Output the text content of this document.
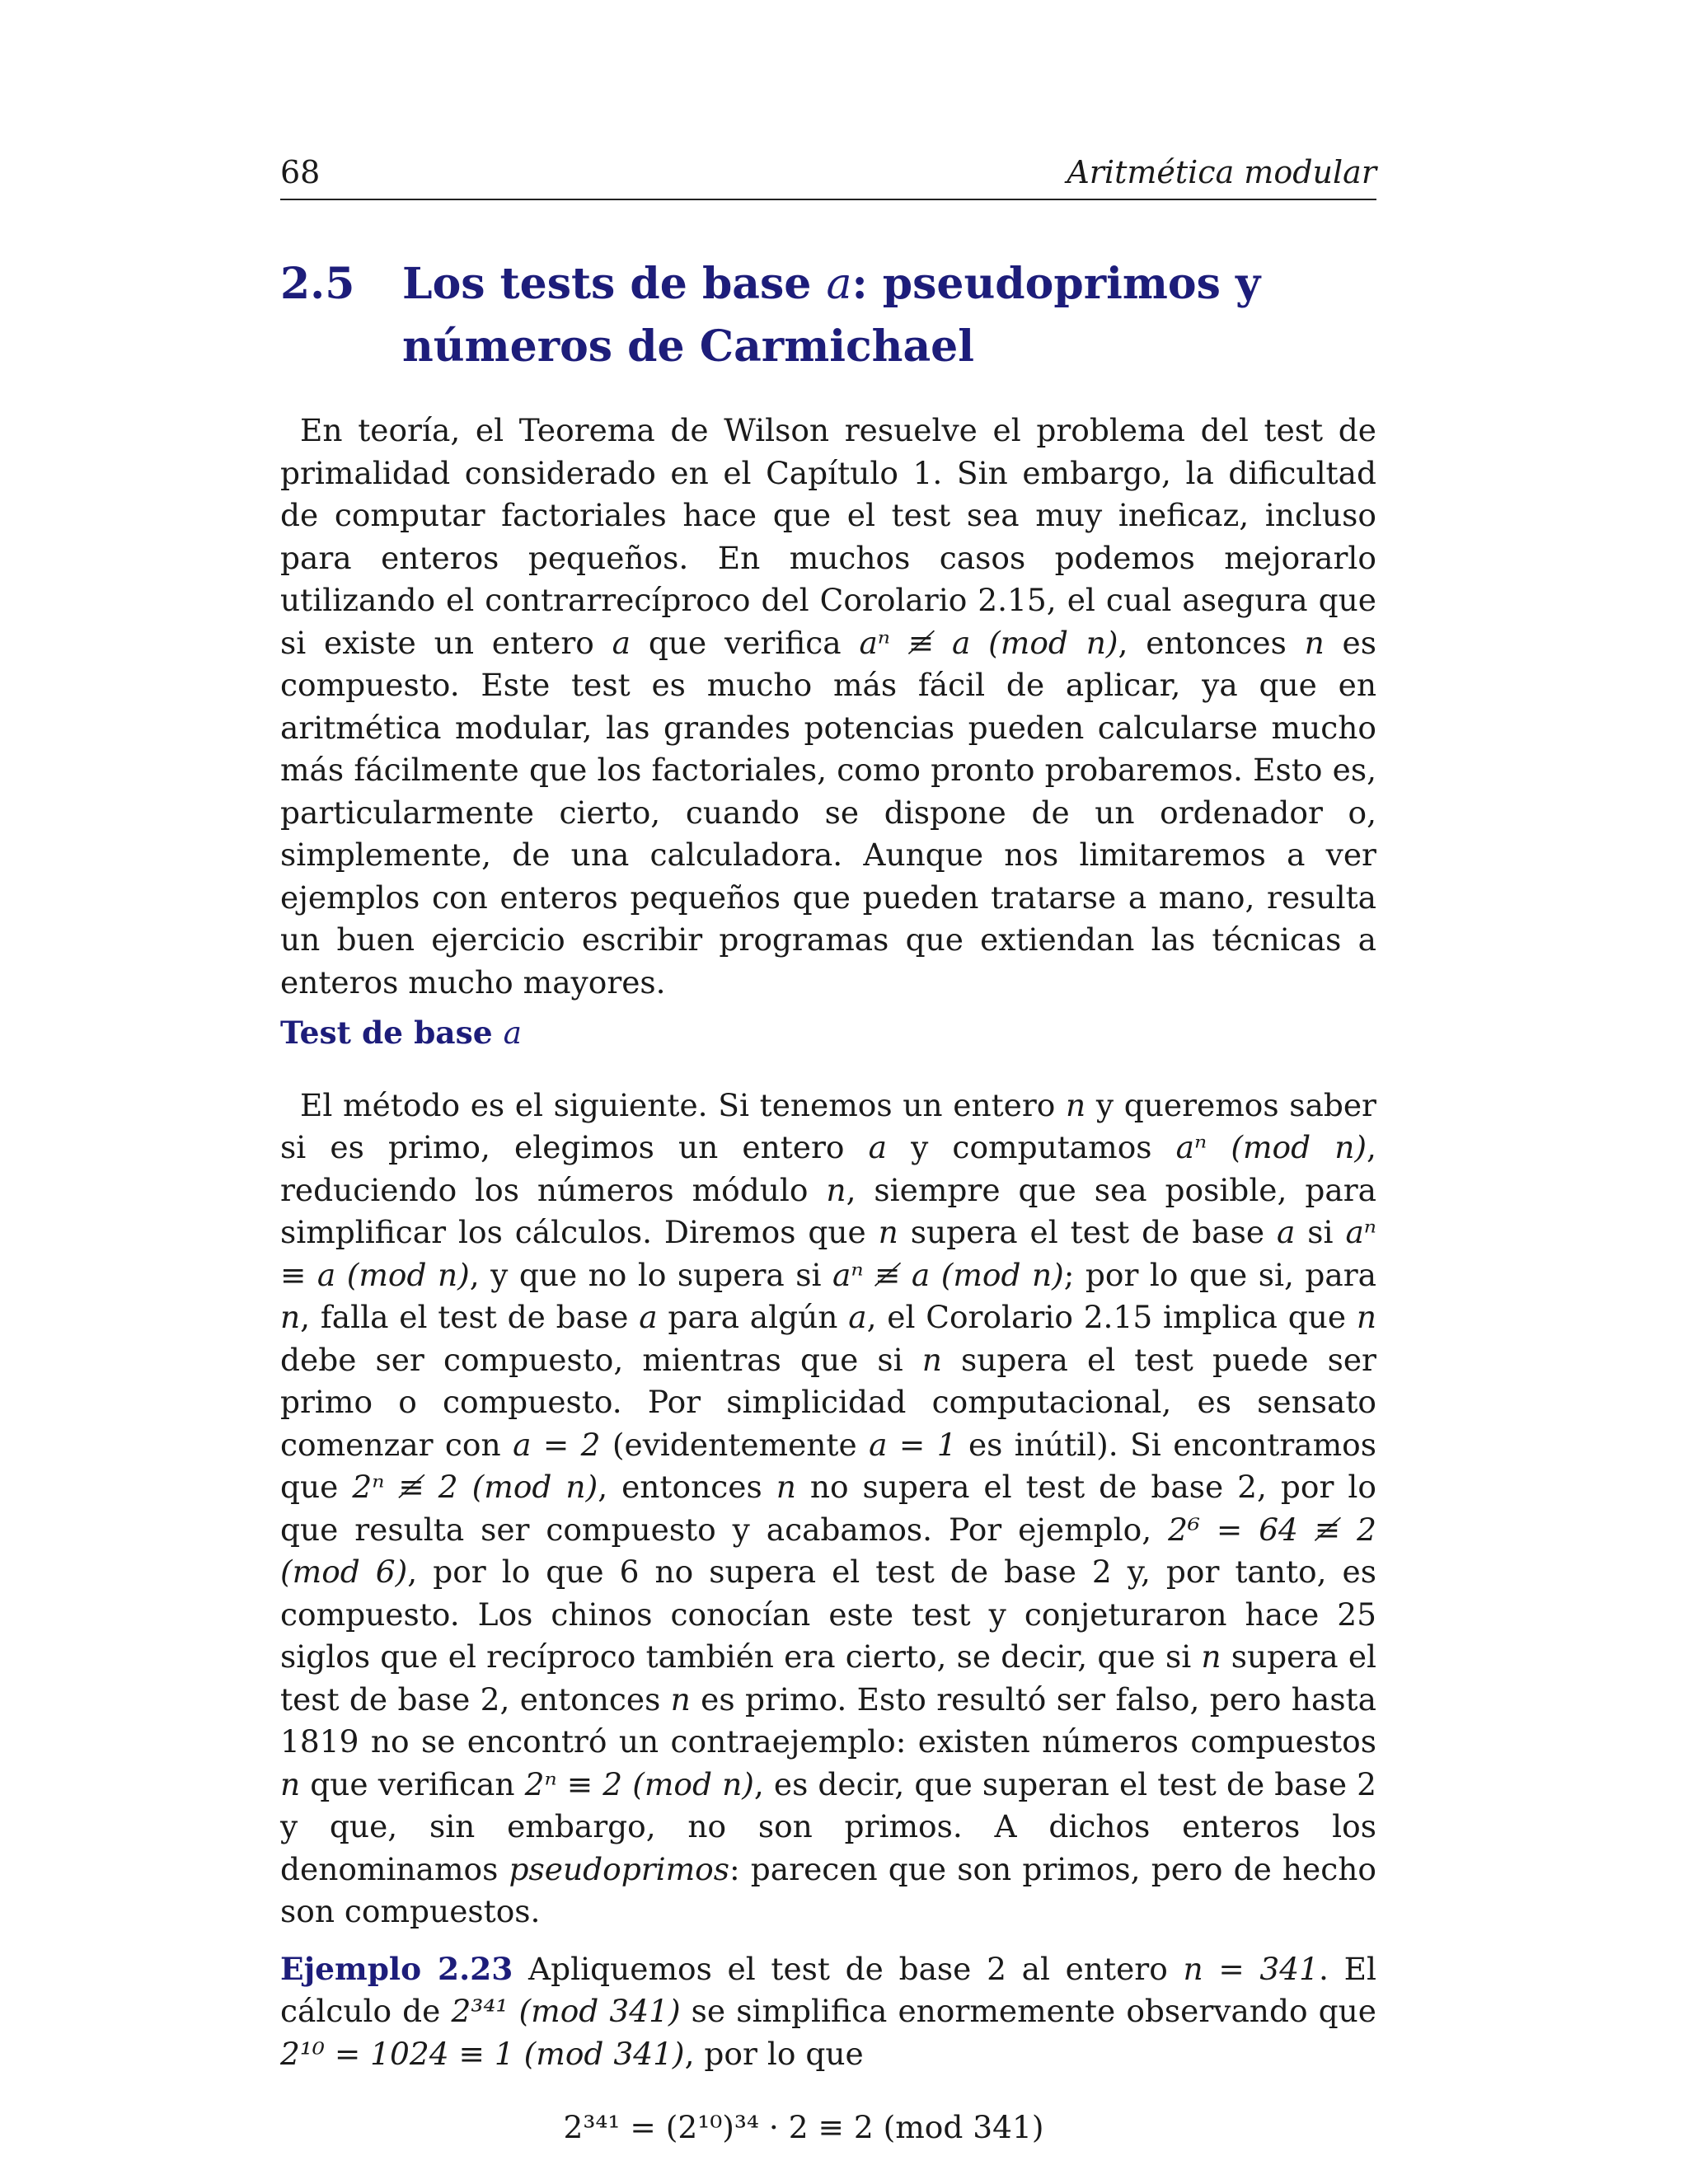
68	Aritmética modular
2.5	Los tests de base a: pseudoprimos y números de Carmichael

En teoría, el Teorema de Wilson resuelve el problema del test de primalidad considerado en el Capítulo 1. Sin embargo, la dificultad de computar factoriales hace que el test sea muy ineficaz, incluso para enteros pequeños. En muchos casos podemos mejorarlo utilizando el contrarrecíproco del Corolario 2.15, el cual asegura que si existe un entero a que verifica aⁿ ≢ a (mod n), entonces n es compuesto. Este test es mucho más fácil de aplicar, ya que en aritmética modular, las grandes potencias pueden calcularse mucho más fácilmente que los factoriales, como pronto probaremos. Esto es, particularmente cierto, cuando se dispone de un ordenador o, simplemente, de una calculadora. Aunque nos limitaremos a ver ejemplos con enteros pequeños que pueden tratarse a mano, resulta un buen ejercicio escribir programas que extiendan las técnicas a enteros mucho mayores.

Test de base a

El método es el siguiente. Si tenemos un entero n y queremos saber si es primo, elegimos un entero a y computamos aⁿ (mod n), reduciendo los números módulo n, siempre que sea posible, para simplificar los cálculos. Diremos que n supera el test de base a si aⁿ ≡ a (mod n), y que no lo supera si aⁿ ≢ a (mod n); por lo que si, para n, falla el test de base a para algún a, el Corolario 2.15 implica que n debe ser compuesto, mientras que si n supera el test puede ser primo o compuesto. Por simplicidad computacional, es sensato comenzar con a = 2 (evidentemente a = 1 es inútil). Si encontramos que 2ⁿ ≢ 2 (mod n), entonces n no supera el test de base 2, por lo que resulta ser compuesto y acabamos. Por ejemplo, 2⁶ = 64 ≢ 2 (mod 6), por lo que 6 no supera el test de base 2 y, por tanto, es compuesto. Los chinos conocían este test y conjeturaron hace 25 siglos que el recíproco también era cierto, se decir, que si n supera el test de base 2, entonces n es primo. Esto resultó ser falso, pero hasta 1819 no se encontró un contraejemplo: existen números compuestos n que verifican 2ⁿ ≡ 2 (mod n), es decir, que superan el test de base 2 y que, sin embargo, no son primos. A dichos enteros los denominamos pseudoprimos: parecen que son primos, pero de hecho son compuestos.

Ejemplo 2.23 Apliquemos el test de base 2 al entero n = 341. El cálculo de 2³⁴¹ (mod 341) se simplifica enormemente observando que 2¹⁰ = 1024 ≡ 1 (mod 341), por lo que

2³⁴¹ = (2¹⁰)³⁴ · 2 ≡ 2 (mod 341)
